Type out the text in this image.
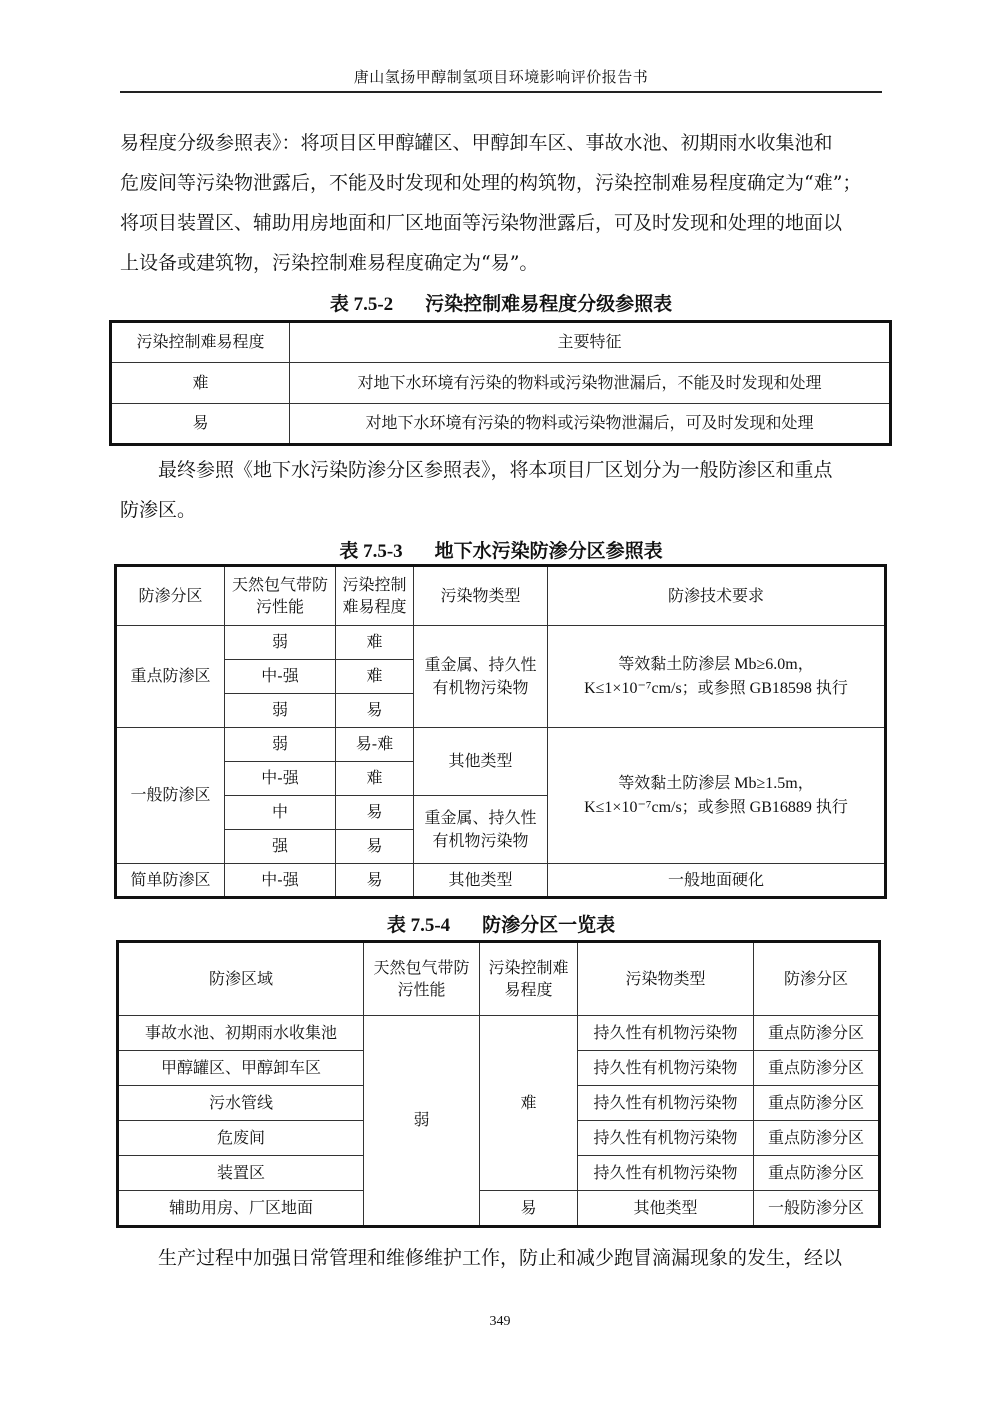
唐山氢扬甲醇制氢项目环境影响评价报告书

易程度分级参照表》：将项目区甲醇罐区、甲醇卸车区、事故水池、初期雨水收集池和
危废间等污染物泄露后，不能及时发现和处理的构筑物，污染控制难易程度确定为“难”；
将项目装置区、辅助用房地面和厂区地面等污染物泄露后，可及时发现和处理的地面以
上设备或建筑物，污染控制难易程度确定为“易”。

表 7.5-2 污染控制难易程度分级参照表

污染控制难易程度	主要特征
难	对地下水环境有污染的物料或污染物泄漏后，不能及时发现和处理
易	对地下水环境有污染的物料或污染物泄漏后，可及时发现和处理

最终参照《地下水污染防渗分区参照表》，将本项目厂区划分为一般防渗区和重点
防渗区。

表 7.5-3 地下水污染防渗分区参照表

防渗分区	天然包气带防污性能	污染控制难易程度	污染物类型	防渗技术要求
重点防渗区	弱	难	重金属、持久性有机物污染物	等效黏土防渗层 Mb≥6.0m，
K≤1×10⁻⁷cm/s；或参照 GB18598 执行
	中-强	难		
	弱	易		
一般防渗区	弱	易-难	其他类型	等效黏土防渗层 Mb≥1.5m，
K≤1×10⁻⁷cm/s；或参照 GB16889 执行
	中-强	难		
	中	易	重金属、持久性有机物污染物	
	强	易		
简单防渗区	中-强	易	其他类型	一般地面硬化

表 7.5-4 防渗分区一览表

防渗区域	天然包气带防污性能	污染控制难易程度	污染物类型	防渗分区
事故水池、初期雨水收集池	弱	难	持久性有机物污染物	重点防渗分区
甲醇罐区、甲醇卸车区			持久性有机物污染物	重点防渗分区
污水管线			持久性有机物污染物	重点防渗分区
危废间			持久性有机物污染物	重点防渗分区
装置区			持久性有机物污染物	重点防渗分区
辅助用房、厂区地面		易	其他类型	一般防渗分区

生产过程中加强日常管理和维修维护工作，防止和减少跑冒滴漏现象的发生，经以

349
